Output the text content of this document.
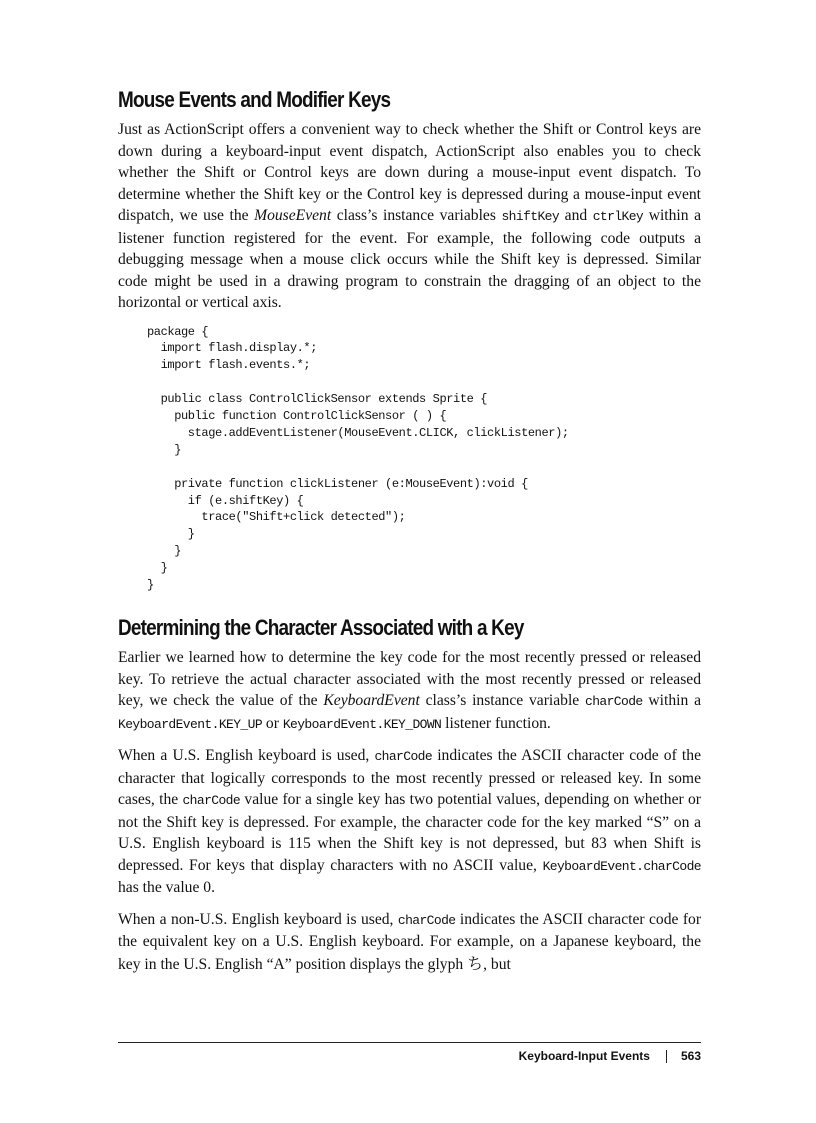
Mouse Events and Modifier Keys

Just as ActionScript offers a convenient way to check whether the Shift or Control keys are down during a keyboard-input event dispatch, ActionScript also enables you to check whether the Shift or Control keys are down during a mouse-input event dispatch. To determine whether the Shift key or the Control key is depressed during a mouse-input event dispatch, we use the MouseEvent class’s instance variables shiftKey and ctrlKey within a listener function registered for the event. For example, the following code outputs a debugging message when a mouse click occurs while the Shift key is depressed. Similar code might be used in a drawing program to constrain the dragging of an object to the horizontal or vertical axis.

package {
import flash.display.*;
import flash.events.*;

public class ControlClickSensor extends Sprite {
public function ControlClickSensor ( ) {
stage.addEventListener(MouseEvent.CLICK, clickListener);
}

private function clickListener (e:MouseEvent):void {
if (e.shiftKey) {
trace("Shift+click detected");
}
}
}
}
Determining the Character Associated with a Key

Earlier we learned how to determine the key code for the most recently pressed or released key. To retrieve the actual character associated with the most recently pressed or released key, we check the value of the KeyboardEvent class’s instance variable charCode within a KeyboardEvent.KEY_UP or KeyboardEvent.KEY_DOWN listener function.

When a U.S. English keyboard is used, charCode indicates the ASCII character code of the character that logically corresponds to the most recently pressed or released key. In some cases, the charCode value for a single key has two potential values, depending on whether or not the Shift key is depressed. For example, the character code for the key marked “S” on a U.S. English keyboard is 115 when the Shift key is not depressed, but 83 when Shift is depressed. For keys that display characters with no ASCII value, KeyboardEvent.charCode has the value 0.

When a non-U.S. English keyboard is used, charCode indicates the ASCII character code for the equivalent key on a U.S. English keyboard. For example, on a Japanese keyboard, the key in the U.S. English “A” position displays the glyph ち, but

Keyboard-Input Events	563
